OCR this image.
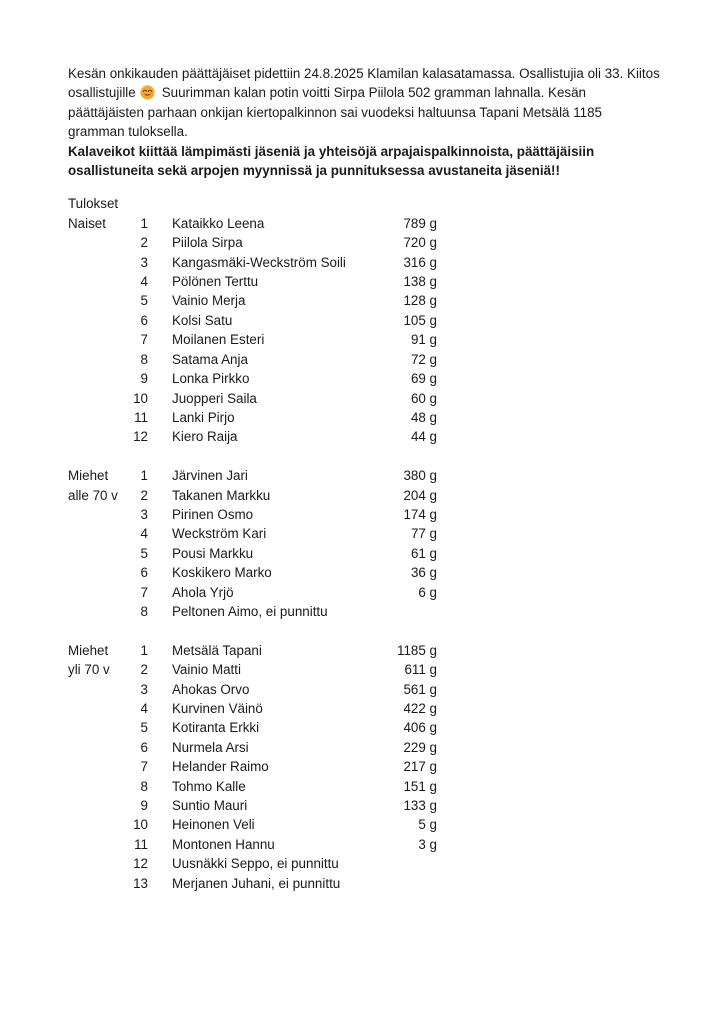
Kesän onkikauden päättäjäiset pidettiin 24.8.2025 Klamilan kalasatamassa. Osallistujia oli 33. Kiitos
osallistujille Suurimman kalan potin voitti Sirpa Piilola 502 gramman lahnalla. Kesän
päättäjäisten parhaan onkijan kiertopalkinnon sai vuodeksi haltuunsa Tapani Metsälä 1185
gramman tuloksella.
Kalaveikot kiittää lämpimästi jäseniä ja yhteisöjä arpajaispalkinnoista, päättäjäisiin
osallistuneita sekä arpojen myynnissä ja punnituksessa avustaneita jäseniä!!
Tulokset
Naiset	1	Kataikko Leena	789 g
2	Piilola Sirpa	720 g
3	Kangasmäki-Weckström Soili	316 g
4	Pölönen Terttu	138 g
5	Vainio Merja	128 g
6	Kolsi Satu	105 g
7	Moilanen Esteri	91 g
8	Satama Anja	72 g
9	Lonka Pirkko	69 g
10	Juopperi Saila	60 g
11	Lanki Pirjo	48 g
12	Kiero Raija	44 g
Miehet	1	Järvinen Jari	380 g
alle 70 v	2	Takanen Markku	204 g
3	Pirinen Osmo	174 g
4	Weckström Kari	77 g
5	Pousi Markku	61 g
6	Koskikero Marko	36 g
7	Ahola Yrjö	6 g
8	Peltonen Aimo, ei punnittu
Miehet	1	Metsälä Tapani	1185 g
yli 70 v	2	Vainio Matti	611 g
3	Ahokas Orvo	561 g
4	Kurvinen Väinö	422 g
5	Kotiranta Erkki	406 g
6	Nurmela Arsi	229 g
7	Helander Raimo	217 g
8	Tohmo Kalle	151 g
9	Suntio Mauri	133 g
10	Heinonen Veli	5 g
11	Montonen Hannu	3 g
12	Uusnäkki Seppo, ei punnittu
13	Merjanen Juhani, ei punnittu
